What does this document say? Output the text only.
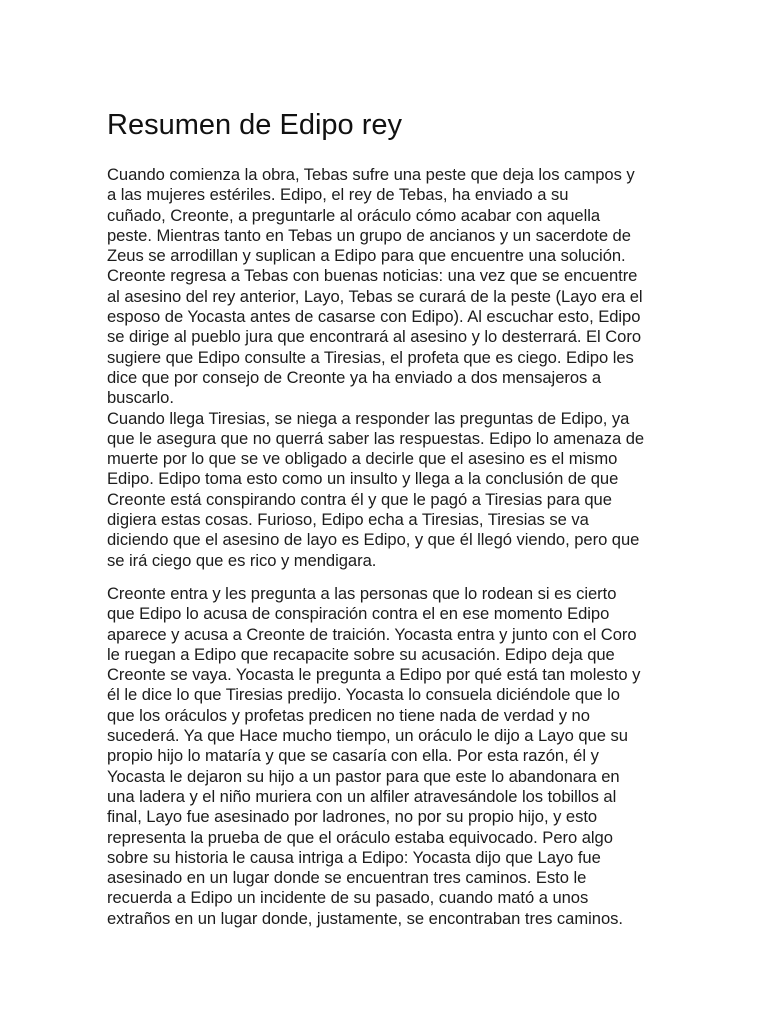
Resumen de Edipo rey
Cuando comienza la obra, Tebas sufre una peste que deja los campos y
a las mujeres estériles. Edipo, el rey de Tebas, ha enviado a su
cuñado, Creonte, a preguntarle al oráculo cómo acabar con aquella
peste. Mientras tanto en Tebas un grupo de ancianos y un sacerdote de
Zeus se arrodillan y suplican a Edipo para que encuentre una solución.
Creonte regresa a Tebas con buenas noticias: una vez que se encuentre
al asesino del rey anterior, Layo, Tebas se curará de la peste (Layo era el
esposo de Yocasta antes de casarse con Edipo). Al escuchar esto, Edipo
se dirige al pueblo jura que encontrará al asesino y lo desterrará. El Coro
sugiere que Edipo consulte a Tiresias, el profeta que es ciego. Edipo les
dice que por consejo de Creonte ya ha enviado a dos mensajeros a
buscarlo.
Cuando llega Tiresias, se niega a responder las preguntas de Edipo, ya
que le asegura que no querrá saber las respuestas. Edipo lo amenaza de
muerte por lo que se ve obligado a decirle que el asesino es el mismo
Edipo. Edipo toma esto como un insulto y llega a la conclusión de que
Creonte está conspirando contra él y que le pagó a Tiresias para que
digiera estas cosas. Furioso, Edipo echa a Tiresias, Tiresias se va
diciendo que el asesino de layo es Edipo, y que él llegó viendo, pero que
se irá ciego que es rico y mendigara.
Creonte entra y les pregunta a las personas que lo rodean si es cierto
que Edipo lo acusa de conspiración contra el en ese momento Edipo
aparece y acusa a Creonte de traición. Yocasta entra y junto con el Coro
le ruegan a Edipo que recapacite sobre su acusación. Edipo deja que
Creonte se vaya. Yocasta le pregunta a Edipo por qué está tan molesto y
él le dice lo que Tiresias predijo. Yocasta lo consuela diciéndole que lo
que los oráculos y profetas predicen no tiene nada de verdad y no
sucederá. Ya que Hace mucho tiempo, un oráculo le dijo a Layo que su
propio hijo lo mataría y que se casaría con ella. Por esta razón, él y
Yocasta le dejaron su hijo a un pastor para que este lo abandonara en
una ladera y el niño muriera con un alfiler atravesándole los tobillos al
final, Layo fue asesinado por ladrones, no por su propio hijo, y esto
representa la prueba de que el oráculo estaba equivocado. Pero algo
sobre su historia le causa intriga a Edipo: Yocasta dijo que Layo fue
asesinado en un lugar donde se encuentran tres caminos. Esto le
recuerda a Edipo un incidente de su pasado, cuando mató a unos
extraños en un lugar donde, justamente, se encontraban tres caminos.
